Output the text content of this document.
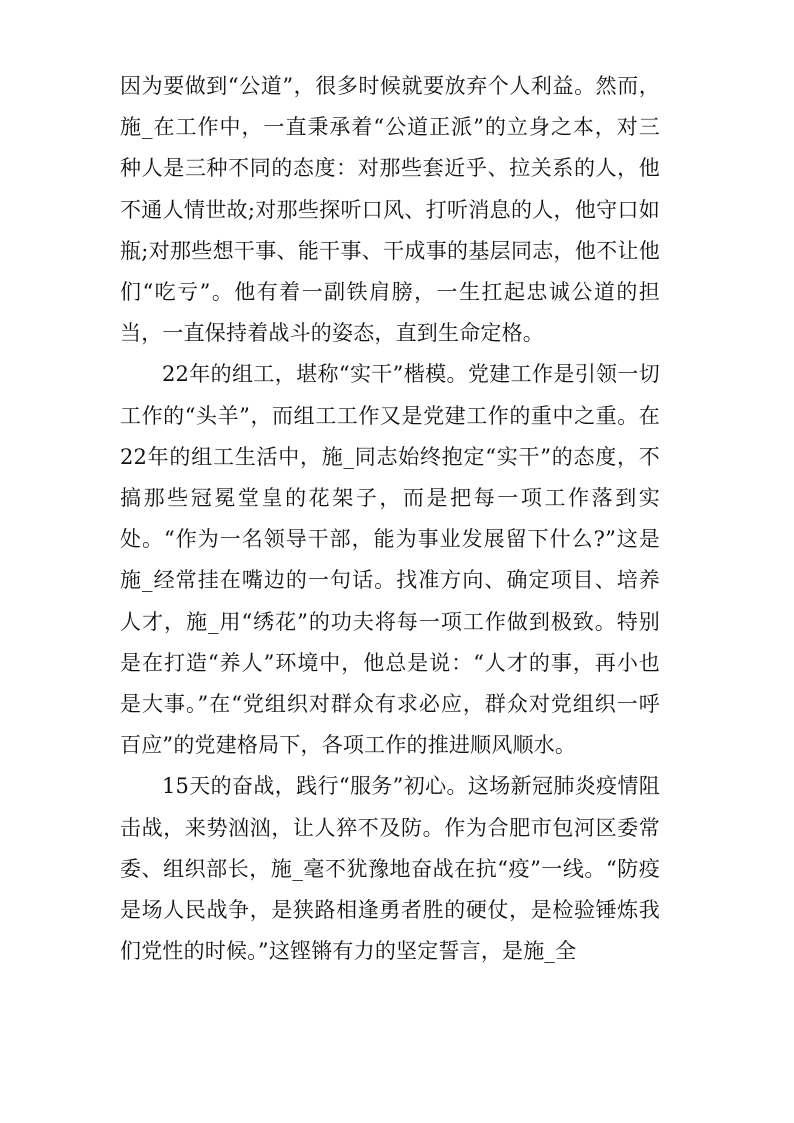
因为要做到“公道”，很多时候就要放弃个人利益。然而，施_在工作中，一直秉承着“公道正派”的立身之本，对三种人是三种不同的态度：对那些套近乎、拉关系的人，他不通人情世故;对那些探听口风、打听消息的人，他守口如瓶;对那些想干事、能干事、干成事的基层同志，他不让他们“吃亏”。他有着一副铁肩膀，一生扛起忠诚公道的担当，一直保持着战斗的姿态，直到生命定格。

22年的组工，堪称“实干”楷模。党建工作是引领一切工作的“头羊”，而组工工作又是党建工作的重中之重。在22年的组工生活中，施_同志始终抱定“实干”的态度，不搞那些冠冕堂皇的花架子，而是把每一项工作落到实处。“作为一名领导干部，能为事业发展留下什么?”这是施_经常挂在嘴边的一句话。找准方向、确定项目、培养人才，施_用“绣花”的功夫将每一项工作做到极致。特别是在打造“养人”环境中，他总是说：“人才的事，再小也是大事。”在“党组织对群众有求必应，群众对党组织一呼百应”的党建格局下，各项工作的推进顺风顺水。

15天的奋战，践行“服务”初心。这场新冠肺炎疫情阻击战，来势汹汹，让人猝不及防。作为合肥市包河区委常委、组织部长，施_毫不犹豫地奋战在抗“疫”一线。“防疫是场人民战争，是狭路相逢勇者胜的硬仗，是检验锤炼我们党性的时候。”这铿锵有力的坚定誓言，是施_全
